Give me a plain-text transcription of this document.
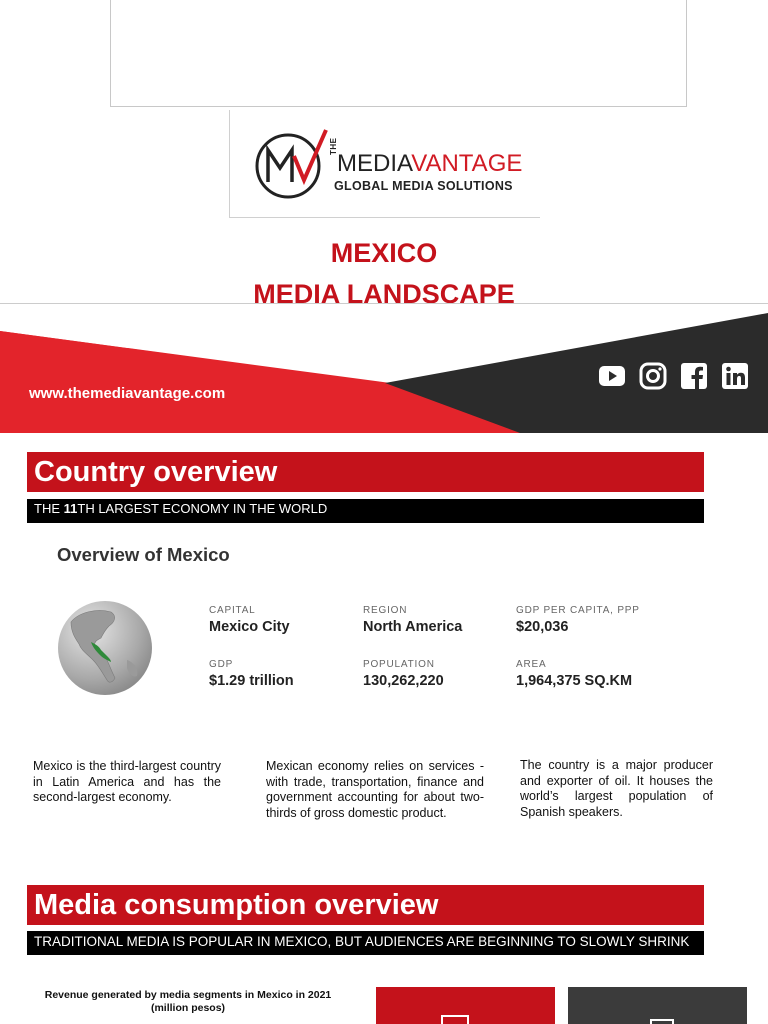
THE
MEDIAVANTAGE
GLOBAL MEDIA SOLUTIONS
MEXICO
MEDIA LANDSCAPE
www.themediavantage.com
Country overview
THE 11TH LARGEST ECONOMY IN THE WORLD
Overview of Mexico
CAPITAL
Mexico City
REGION
North America
GDP PER CAPITA, PPP
$20,036
GDP
$1.29 trillion
POPULATION
130,262,220
AREA
1,964,375 SQ.KM
Mexico is the third-largest country in Latin America and has the second-largest economy.
Mexican economy relies on services - with trade, transportation, finance and government accounting for about two-thirds of gross domestic product.
The country is a major producer and exporter of oil. It houses the world’s largest population of Spanish speakers.
Media consumption overview
TRADITIONAL MEDIA IS POPULAR IN MEXICO, BUT AUDIENCES ARE BEGINNING TO SLOWLY SHRINK
Revenue generated by media segments in Mexico in 2021
(million pesos)
